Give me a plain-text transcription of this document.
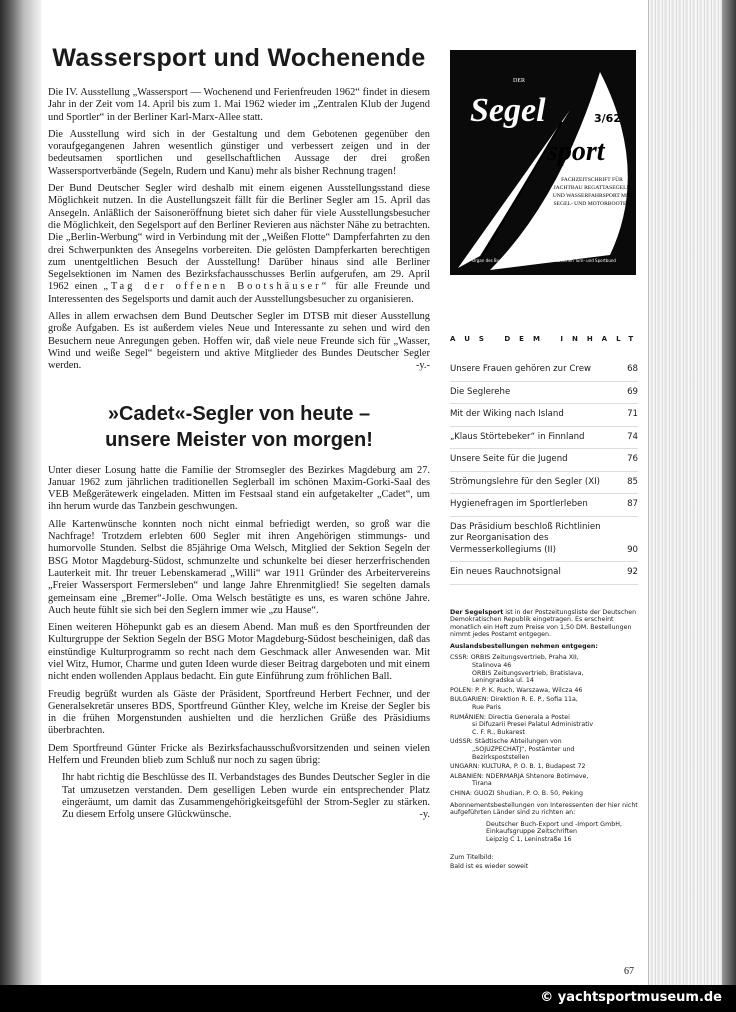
Wassersport und Wochenende

Die IV. Ausstellung „Wassersport — Wochenend und Ferienfreuden 1962“ findet in diesem Jahr in der Zeit vom 14. April bis zum 1. Mai 1962 wieder im „Zentralen Klub der Jugend und Sportler“ in der Berliner Karl-Marx-Allee statt.

Die Ausstellung wird sich in der Gestaltung und dem Gebotenen gegenüber den voraufgegangenen Jahren wesentlich günstiger und verbessert zeigen und in der bedeutsamen sportlichen und gesellschaftlichen Aussage der drei großen Wassersportverbände (Segeln, Rudern und Kanu) mehr als bisher Rechnung tragen!

Der Bund Deutscher Segler wird deshalb mit einem eigenen Ausstellungsstand diese Möglichkeit nutzen. In die Austellungszeit fällt für die Berliner Segler am 15. April das Ansegeln. Anläßlich der Saisoneröffnung bietet sich daher für viele Ausstellungsbesucher die Möglichkeit, den Segelsport auf den Berliner Revieren aus nächster Nähe zu betrachten. Die „Berlin-Werbung“ wird in Verbindung mit der „Weißen Flotte“ Dampferfahrten zu den drei Schwerpunkten des Ansegelns vorbereiten. Die gelösten Dampferkarten berechtigen zum unentgeltlichen Besuch der Ausstellung! Darüber hinaus sind alle Berliner Segelsektionen im Namen des Bezirksfachausschusses Berlin aufgerufen, am 29. April 1962 einen „Tag der offenen Bootshäuser“ für alle Freunde und Interessenten des Segelsports und damit auch der Ausstellungsbesucher zu organisieren.

Alles in allem erwachsen dem Bund Deutscher Segler im DTSB mit dieser Ausstellung große Aufgaben. Es ist außerdem vieles Neue und Interessante zu sehen und wird den Besuchern neue Anregungen geben. Hoffen wir, daß viele neue Freunde sich für „Wasser, Wind und weiße Segel“ begeistern und aktive Mitglieder des Bundes Deutscher Segler werden.	-y.-

»Cadet«-Segler von heute –
unsere Meister von morgen!

Unter dieser Losung hatte die Familie der Stromsegler des Bezirkes Magdeburg am 27. Januar 1962 zum jährlichen traditionellen Seglerball im schönen Maxim-Gorki-Saal des VEB Meßgerätewerk eingeladen. Mitten im Festsaal stand ein aufgetakelter „Cadet“, um ihn herum wurde das Tanzbein geschwungen.

Alle Kartenwünsche konnten noch nicht einmal befriedigt werden, so groß war die Nachfrage! Trotzdem erlebten 600 Segler mit ihren Angehörigen stimmungs- und humorvolle Stunden. Selbst die 85jährige Oma Welsch, Mitglied der Sektion Segeln der BSG Motor Magdeburg-Südost, schmunzelte und schunkelte bei dieser herzerfrischenden Lauterkeit mit. Ihr treuer Lebenskamerad „Willi“ war 1911 Gründer des Arbeitervereins „Freier Wassersport Fermersleben“ und lange Jahre Ehrenmitglied! Sie segelten damals gemeinsam eine „Bremer“-Jolle. Oma Welsch bestätigte es uns, es waren schöne Jahre. Auch heute fühlt sie sich bei den Seglern immer wie „zu Hause“.

Einen weiteren Höhepunkt gab es an diesem Abend. Man muß es den Sportfreunden der Kulturgruppe der Sektion Segeln der BSG Motor Magdeburg-Südost bescheinigen, daß das einstündige Kulturprogramm so recht nach dem Geschmack aller Anwesenden war. Mit viel Witz, Humor, Charme und guten Ideen wurde dieser Beitrag dargeboten und mit einem nicht enden wollenden Applaus bedacht. Ein gute Einführung zum fröhlichen Ball.

Freudig begrüßt wurden als Gäste der Präsident, Sportfreund Herbert Fechner, und der Generalsekretär unseres BDS, Sportfreund Günther Kley, welche im Kreise der Segler bis in die frühen Morgenstunden aushielten und die herzlichen Grüße des Präsidiums überbrachten.

Dem Sportfreund Günter Fricke als Bezirksfachausschußvorsitzenden und seinen vielen Helfern und Freunden blieb zum Schluß nur noch zu sagen übrig:

Ihr habt richtig die Beschlüsse des II. Verbandstages des Bundes Deutscher Segler in die Tat umzusetzen verstanden. Dem geselligen Leben wurde ein entsprechender Platz eingeräumt, um damit das Zusammengehörigkeitsgefühl der Strom-Segler zu stärken. Zu diesem Erfolg unsere Glückwünsche.	-y.

DER
Segel
sport
3/62
FACHZEITSCHRIFT FÜR JACHTBAU REGATTASEGELN UND WASSERFAHRSPORT MIT SEGEL- UND MOTORBOOTEN
Organ des Bundes Deutscher Segler im Deutschen Turn- und Sportbund
AUS DEM INHALT
Unsere Frauen gehören zur Crew	68
Die Seglerehe	69
Mit der Wiking nach Island	71
„Klaus Störtebeker“ in Finnland	74
Unsere Seite für die Jugend	76
Strömungslehre für den Segler (XI)	85
Hygienefragen im Sportlerleben	87
Das Präsidium beschloß Richtlinien zur Reorganisation des Vermesserkollegiums (II)	90
Ein neues Rauchnotsignal	92

Der Segelsport ist in der Postzeitungsliste der Deutschen Demokratischen Republik eingetragen. Es erscheint monatlich ein Heft zum Preise von 1,50 DM. Bestellungen nimmt jedes Postamt entgegen.

Auslandsbestellungen nehmen entgegen:

CSSR: ORBIS Zeitungsvertrieb, Praha XII,
Stalinova 46
ORBIS Zeitungsvertrieb, Bratislava,
Leningradska ul. 14
POLEN: P. P. K. Ruch, Warszawa, Wilcza 46
BULGARIEN: Direktion R. E. P., Sofia 11a,
Rue Paris
RUMÄNIEN: Directia Generala a Postei
si Difuzarii Presei Palatul Administrativ
C. F. R., Bukarest
UdSSR: Städtische Abteilungen von
„SOJUZPECHATJ“, Postämter und
Bezirkspoststellen
UNGARN: KULTURA, P. O. B. 1, Budapest 72
ALBANIEN: NDERMARJA Shtenore Botimeve,
Tirana
CHINA: GUOZI Shudian, P. O. B. 50, Peking

Abonnementsbestellungen von Interessenten der hier nicht aufgeführten Länder sind zu richten an:

Deutscher Buch-Export und -Import GmbH,
Einkaufsgruppe Zeitschriften
Leipzig C 1, Leninstraße 16
Zum Titelbild:
Bald ist es wieder soweit
67
© yachtsportmuseum.de
